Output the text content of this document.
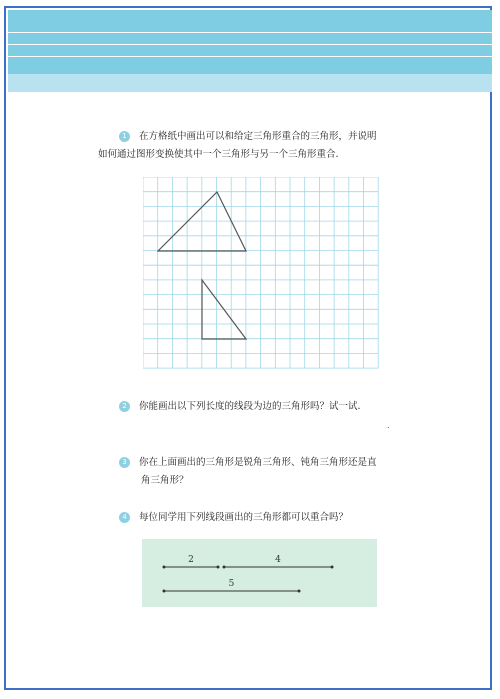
1 在方格纸中画出可以和给定三角形重合的三角形，并说明
如何通过图形变换使其中一个三角形与另一个三角形重合.
2 你能画出以下列长度的线段为边的三角形吗？试一试.
.
3 你在上面画出的三角形是锐角三角形、钝角三角形还是直
角三角形？
4 每位同学用下列线段画出的三角形都可以重合吗？
2	4
5
